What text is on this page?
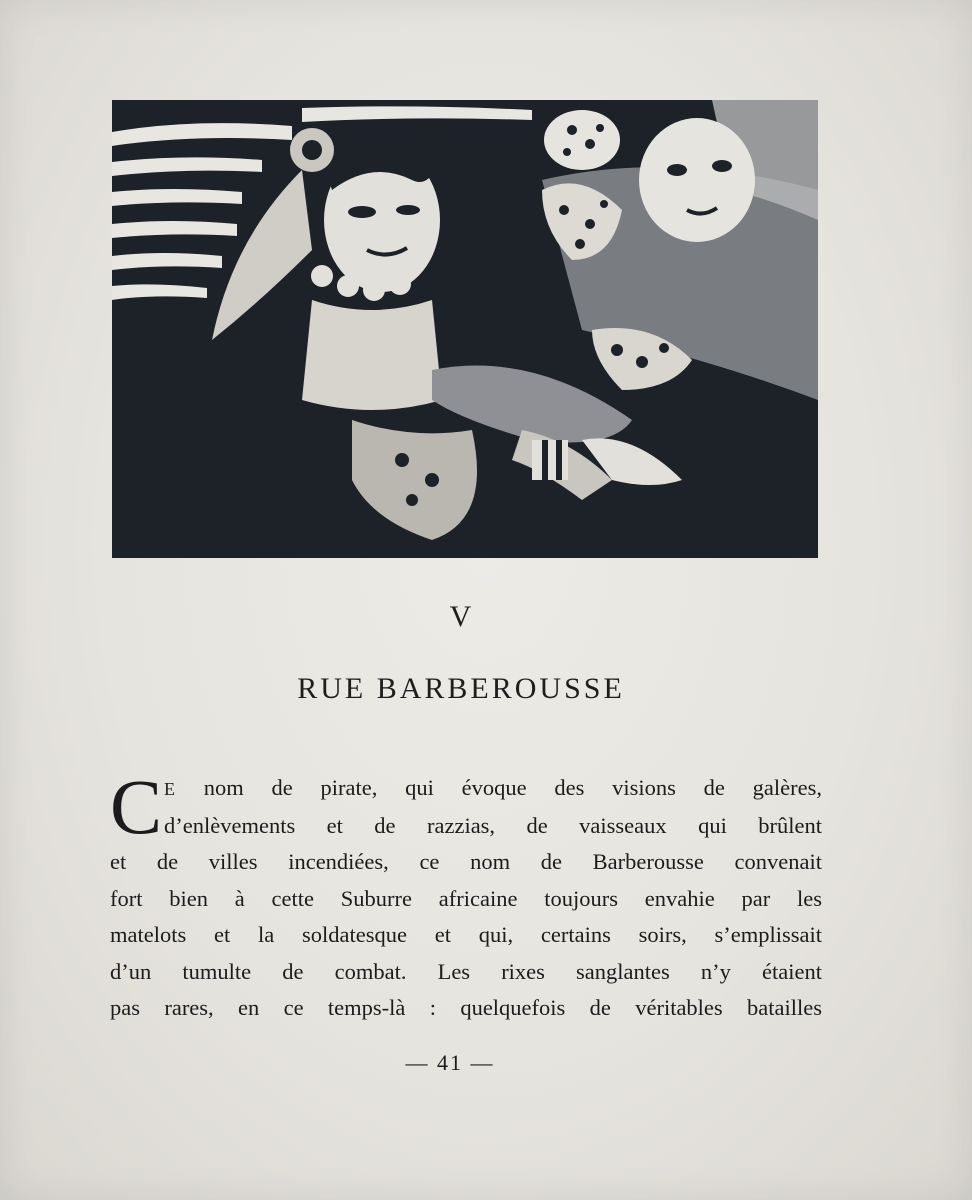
V
RUE BARBEROUSSE
C E nom de pirate, qui évoque des visions de galères,
d’enlèvements et de razzias, de vaisseaux qui brûlent
et de villes incendiées, ce nom de Barberousse convenait
fort bien à cette Suburre africaine toujours envahie par les
matelots et la soldatesque et qui, certains soirs, s’emplissait
d’un tumulte de combat. Les rixes sanglantes n’y étaient
pas rares, en ce temps-là : quelquefois de véritables batailles
— 41 —
